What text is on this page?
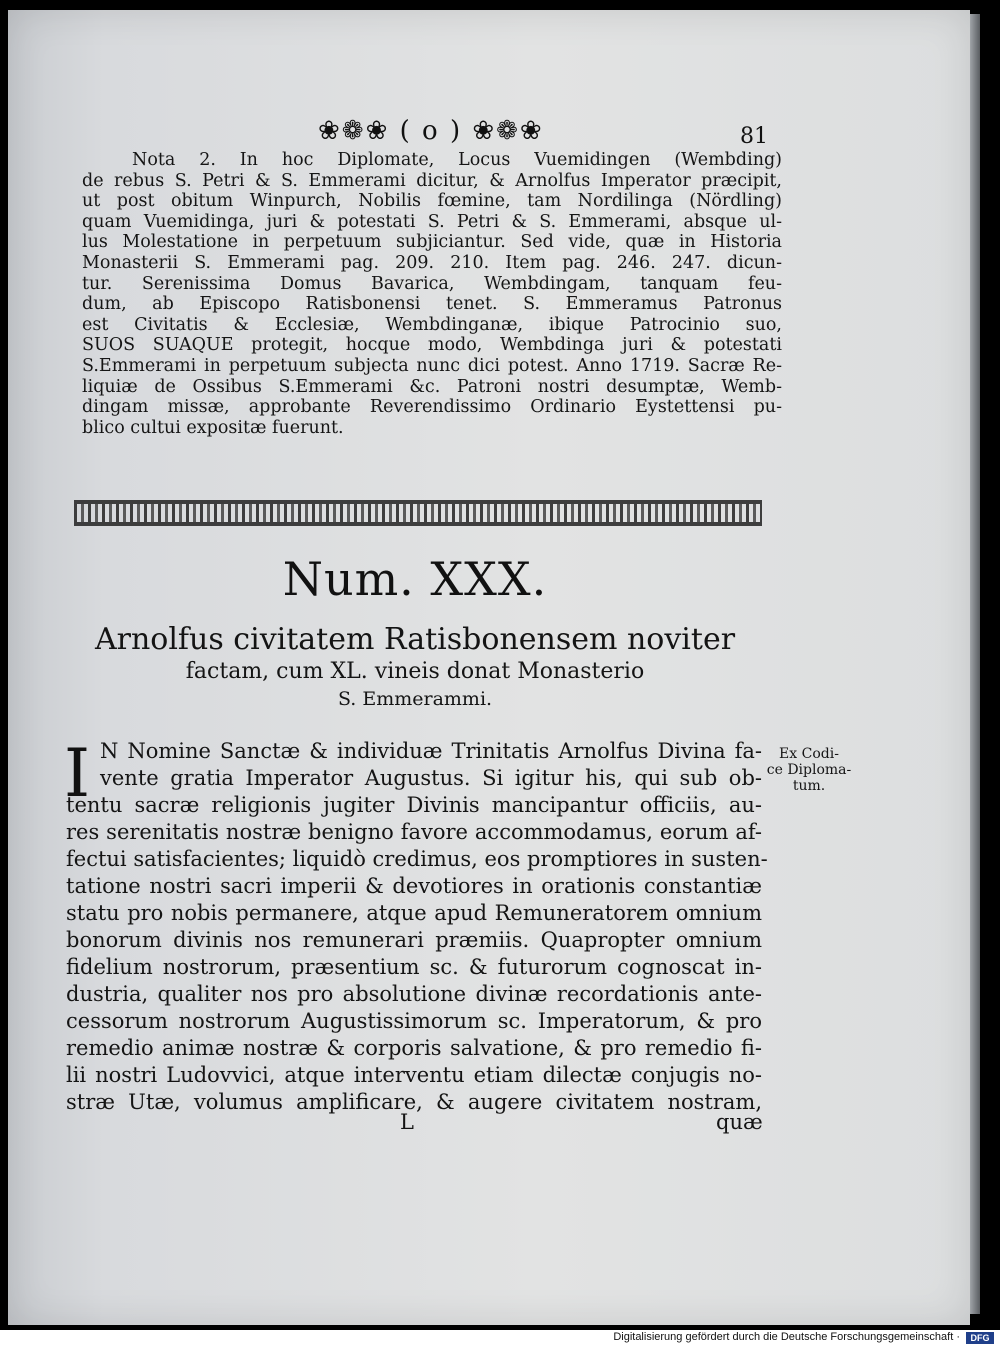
❀❁❀ ( o ) ❀❁❀	81
Nota 2. In hoc Diplomate, Locus Vuemidingen (Wembding)
de rebus S. Petri & S. Emmerami dicitur, & Arnolfus Imperator præcipit,
ut post obitum Winpurch, Nobilis fœmine, tam Nordilinga (Nördling)
quam Vuemidinga, juri & potestati S. Petri & S. Emmerami, absque ul-
lus Molestatione in perpetuum subjiciantur. Sed vide, quæ in Historia
Monasterii S. Emmerami pag. 209. 210. Item pag. 246. 247. dicun-
tur. Serenissima Domus Bavarica, Wembdingam, tanquam feu-
dum, ab Episcopo Ratisbonensi tenet. S. Emmeramus Patronus
est Civitatis & Ecclesiæ, Wembdinganæ, ibique Patrocinio suo,
SUOS SUAQUE protegit, hocque modo, Wembdinga juri & potestati
S.Emmerami in perpetuum subjecta nunc dici potest. Anno 1719. Sacræ Re-
liquiæ de Ossibus S.Emmerami &c. Patroni nostri desumptæ, Wemb-
dingam missæ, approbante Reverendissimo Ordinario Eystettensi pu-
blico cultui expositæ fuerunt.
Num. XXX.
Arnolfus civitatem Ratisbonensem noviter
factam, cum XL. vineis donat Monasterio
S. Emmerammi.
I N Nomine Sanctæ & individuæ Trinitatis Arnolfus Divina fa-
vente gratia Imperator Augustus. Si igitur his, qui sub ob-
tentu sacræ religionis jugiter Divinis mancipantur officiis, au-
res serenitatis nostræ benigno favore accommodamus, eorum af-
fectui satisfacientes; liquidò credimus, eos promptiores in susten-
tatione nostri sacri imperii & devotiores in orationis constantiæ
statu pro nobis permanere, atque apud Remuneratorem omnium
bonorum divinis nos remunerari præmiis. Quapropter omnium
fidelium nostrorum, præsentium sc. & futurorum cognoscat in-
dustria, qualiter nos pro absolutione divinæ recordationis ante-
cessorum nostrorum Augustissimorum sc. Imperatorum, & pro
remedio animæ nostræ & corporis salvatione, & pro remedio fi-
lii nostri Ludovvici, atque interventu etiam dilectæ conjugis no-
stræ Utæ, volumus amplificare, & augere civitatem nostram,
L	quæ
Ex Codi-
ce Diploma-
tum.
Digitalisierung gefördert durch die Deutsche Forschungsgemeinschaft ·	DFG
